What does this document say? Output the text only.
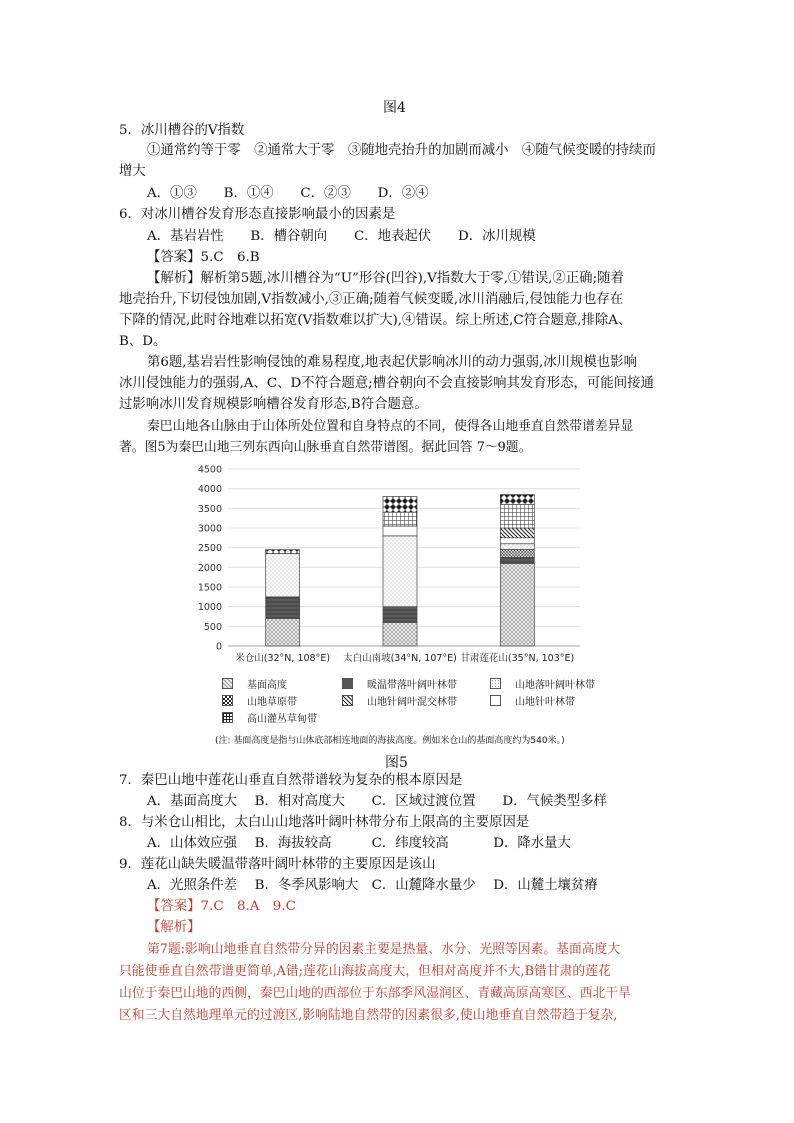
图4
5．冰川槽谷的V指数
①通常约等于零　②通常大于零　③随地壳抬升的加剧而减小　④随气候变暖的持续而
增大
A．①③　　B．①④　　C．②③　　D．②④
6．对冰川槽谷发育形态直接影响最小的因素是
A．基岩岩性　　B．槽谷朝向　　C．地表起伏　　D．冰川规模
【答案】5.C　6.B
【解析】解析第5题,冰川槽谷为“U”形谷(凹谷),V指数大于零,①错误,②正确;随着
地壳抬升,下切侵蚀加剧,V指数减小,③正确;随着气候变暖,冰川消融后,侵蚀能力也存在
下降的情况,此时谷地难以拓宽(V指数难以扩大),④错误。综上所述,C符合题意,排除A、
B、D。
第6题,基岩岩性影响侵蚀的难易程度,地表起伏影响冰川的动力强弱,冰川规模也影响
冰川侵蚀能力的强弱,A、C、D不符合题意;槽谷朝向不会直接影响其发育形态，可能间接通
过影响冰川发育规模影响槽谷发育形态,B符合题意。
秦巴山地各山脉由于山体所处位置和自身特点的不同，使得各山地垂直自然带谱差异显
著。图5为秦巴山地三列东西向山脉垂直自然带谱图。据此回答 7～9题。
4500
4000
3500
3000
2500
2000
1500
1000
500
0
米仓山(32°N, 108°E) 太白山南坡(34°N, 107°E) 甘肃莲花山(35°N, 103°E)
基面高度	暖温带落叶阔叶林带	山地落叶阔叶林带
山地草原带	山地针阔叶混交林带	山地针叶林带
高山灌丛草甸带
(注: 基面高度是指与山体底部相连地面的海拔高度。例如米仓山的基面高度约为540米。)
图5
7．秦巴山地中莲花山垂直自然带谱较为复杂的根本原因是
A．基面高度大　 B．相对高度大　　C．区域过渡位置　　D．气候类型多样
8．与米仓山相比，太白山山地落叶阔叶林带分布上限高的主要原因是
A．山体效应强　 B．海拔较高　　　C．纬度较高　　　 D．降水量大
9．莲花山缺失暖温带落叶阔叶林带的主要原因是该山
A．光照条件差　 B．冬季风影响大　C．山麓降水量少　 D．山麓土壤贫瘠
【答案】7.C　8.A　9.C
【解析】
第7题:影响山地垂直自然带分异的因素主要是热量、水分、光照等因素。基面高度大
只能使垂直自然带谱更简单,A错;莲花山海拔高度大，但相对高度并不大,B错甘肃的莲花
山位于秦巴山地的西侧，秦巴山地的西部位于东部季风湿润区、青藏高原高寒区、西北干旱
区和三大自然地理单元的过渡区,影响陆地自然带的因素很多,使山地垂直自然带趋于复杂,
